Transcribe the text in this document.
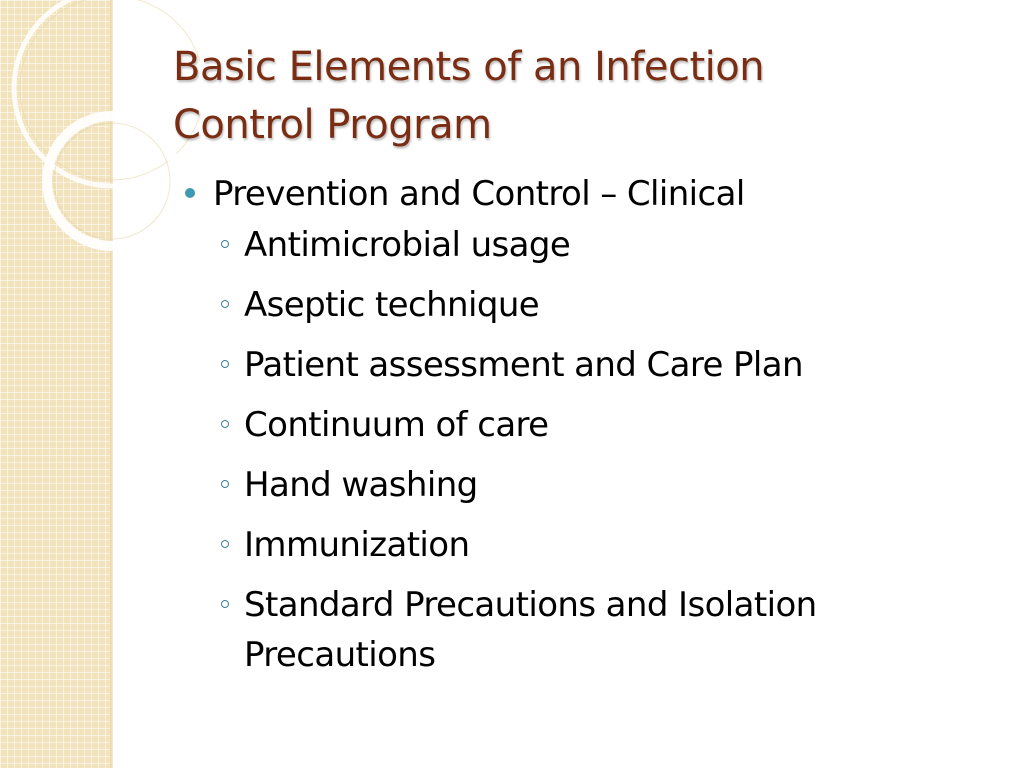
Basic Elements of an Infection
Control Program
Prevention and Control – Clinical
Antimicrobial usage
Aseptic technique
Patient assessment and Care Plan
Continuum of care
Hand washing
Immunization
Standard Precautions and Isolation Precautions
